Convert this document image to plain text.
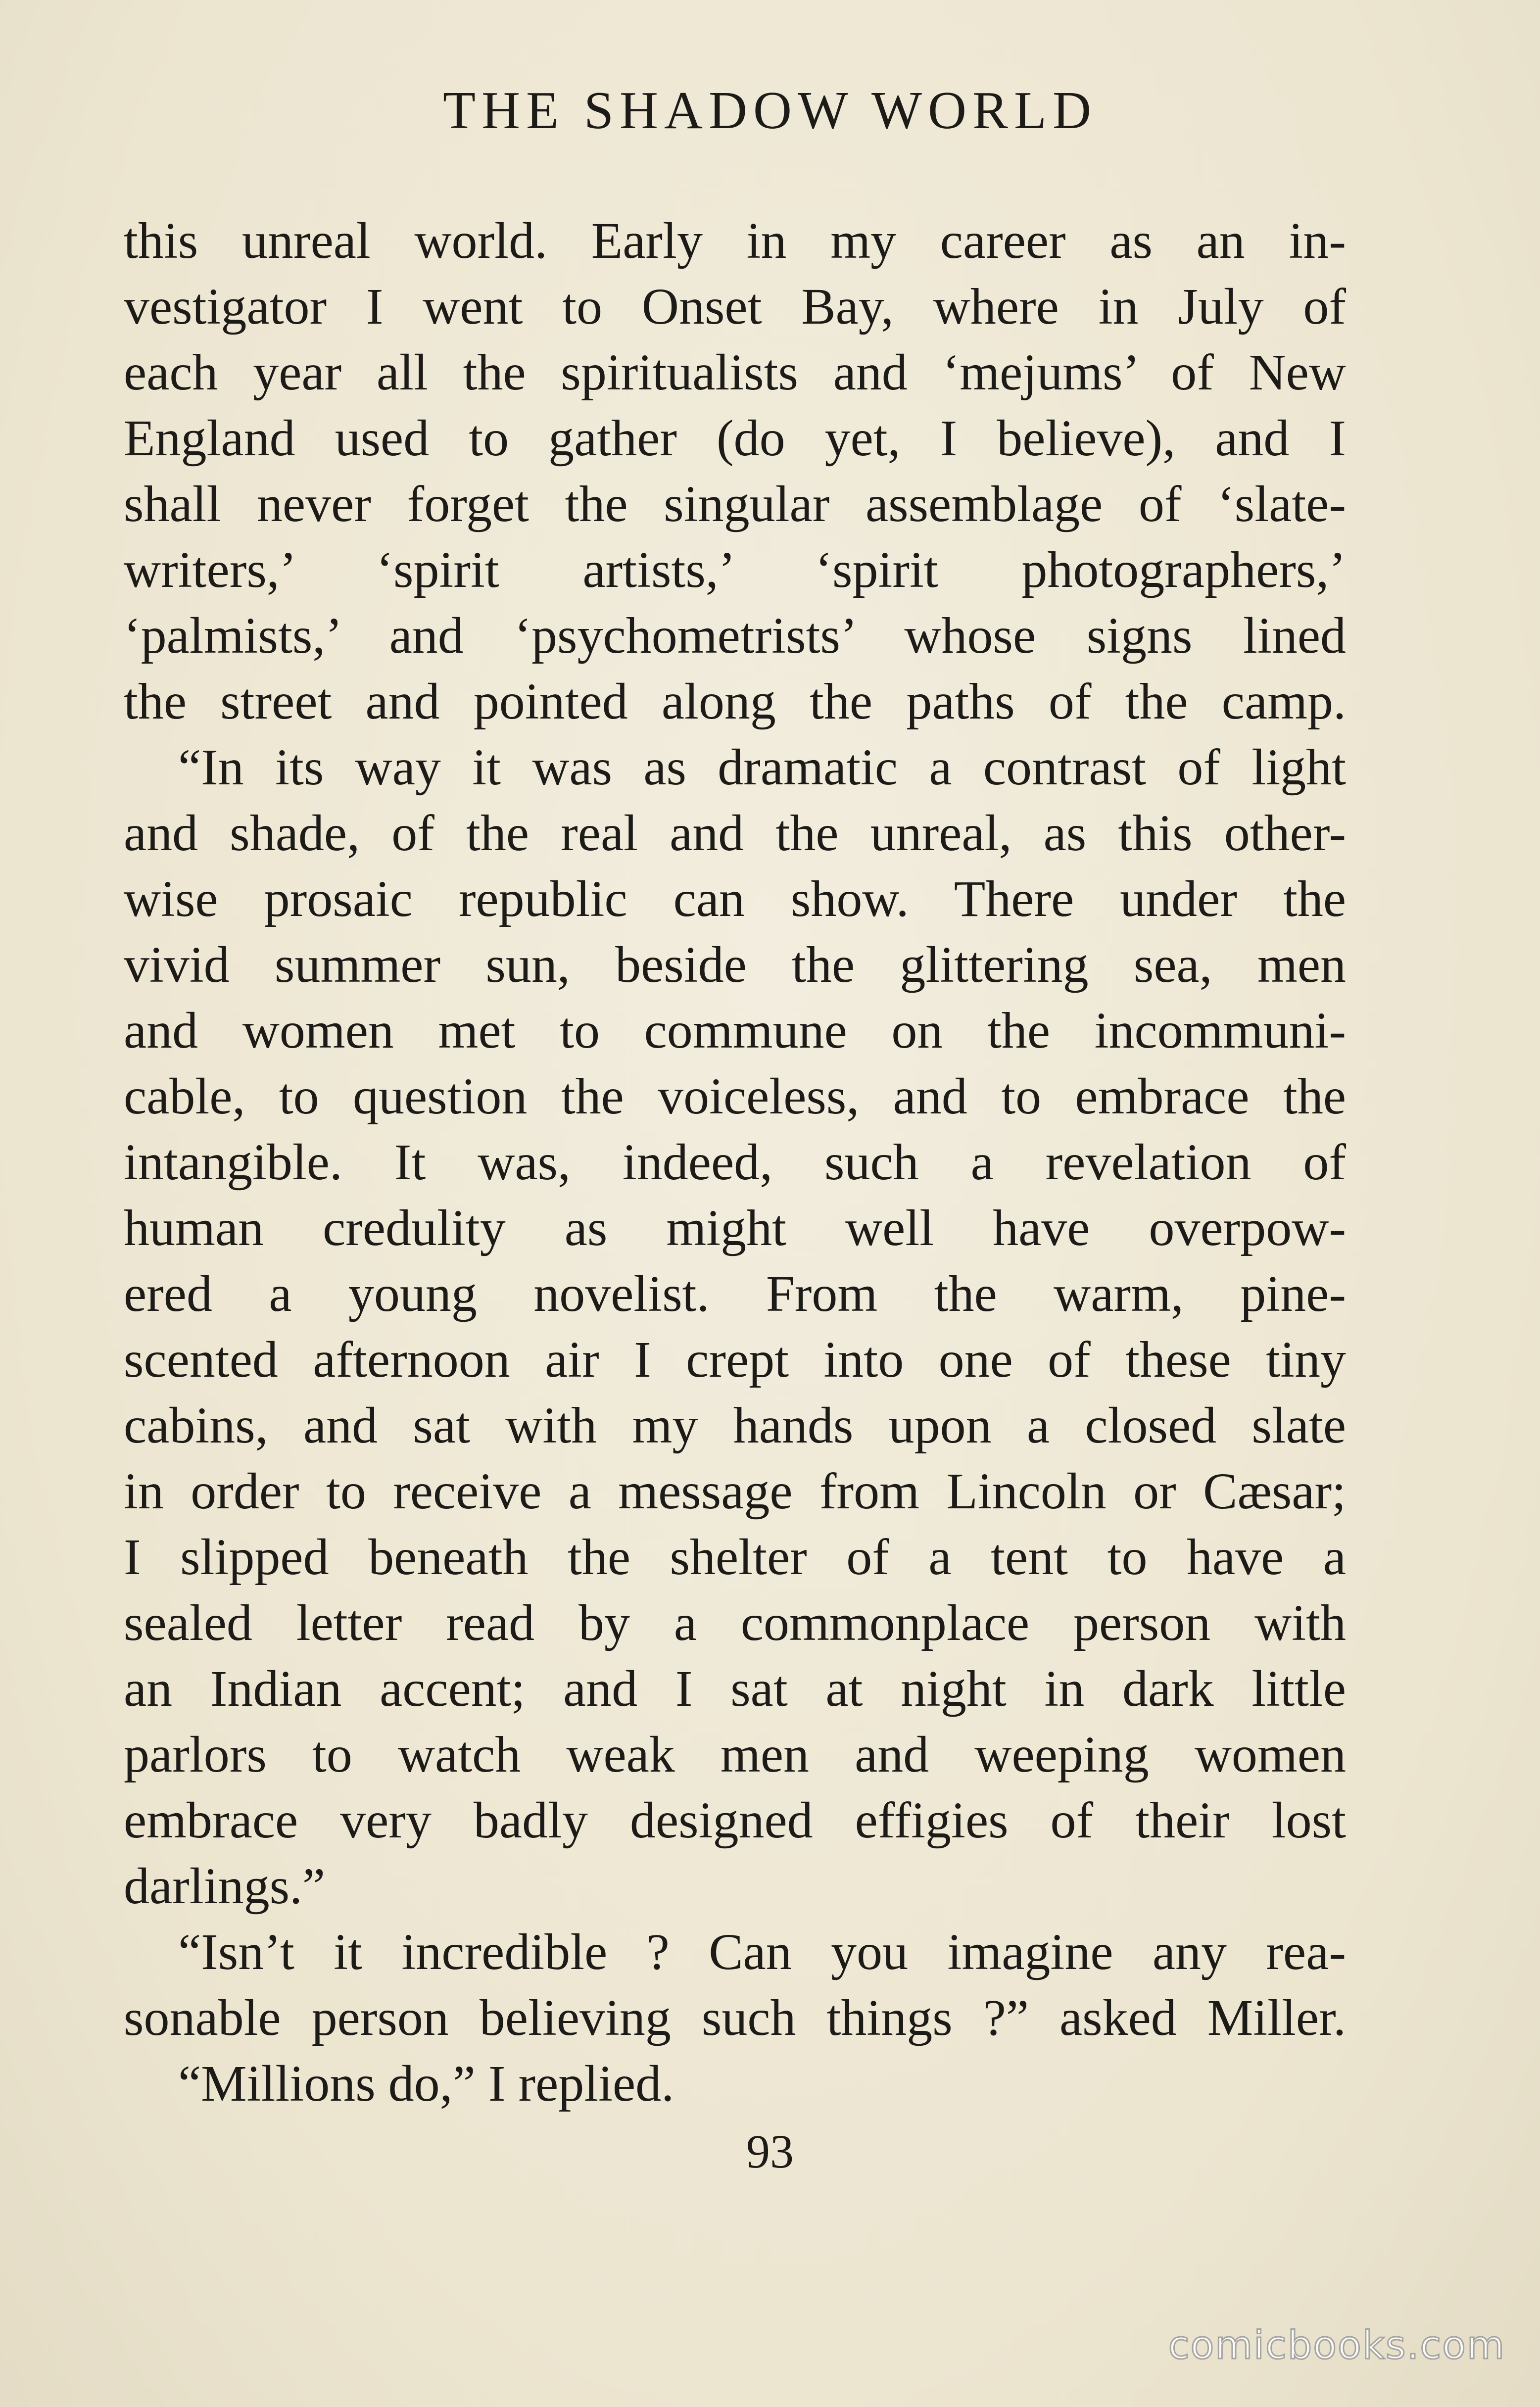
THE SHADOW WORLD
this unreal world. Early in my career as an in-
vestigator I went to Onset Bay, where in July of
each year all the spiritualists and ‘mejums’ of New
England used to gather (do yet, I believe), and I
shall never forget the singular assemblage of ‘slate-
writers,’ ‘spirit artists,’ ‘spirit photographers,’
‘palmists,’ and ‘psychometrists’ whose signs lined
the street and pointed along the paths of the camp.
“In its way it was as dramatic a contrast of light
and shade, of the real and the unreal, as this other-
wise prosaic republic can show. There under the
vivid summer sun, beside the glittering sea, men
and women met to commune on the incommuni-
cable, to question the voiceless, and to embrace the
intangible. It was, indeed, such a revelation of
human credulity as might well have overpow-
ered a young novelist. From the warm, pine-
scented afternoon air I crept into one of these tiny
cabins, and sat with my hands upon a closed slate
in order to receive a message from Lincoln or Cæsar;
I slipped beneath the shelter of a tent to have a
sealed letter read by a commonplace person with
an Indian accent; and I sat at night in dark little
parlors to watch weak men and weeping women
embrace very badly designed effigies of their lost
darlings.”
“Isn’t it incredible ? Can you imagine any rea-
sonable person believing such things ?” asked Miller.
“Millions do,” I replied.
93
comicbooks.com
